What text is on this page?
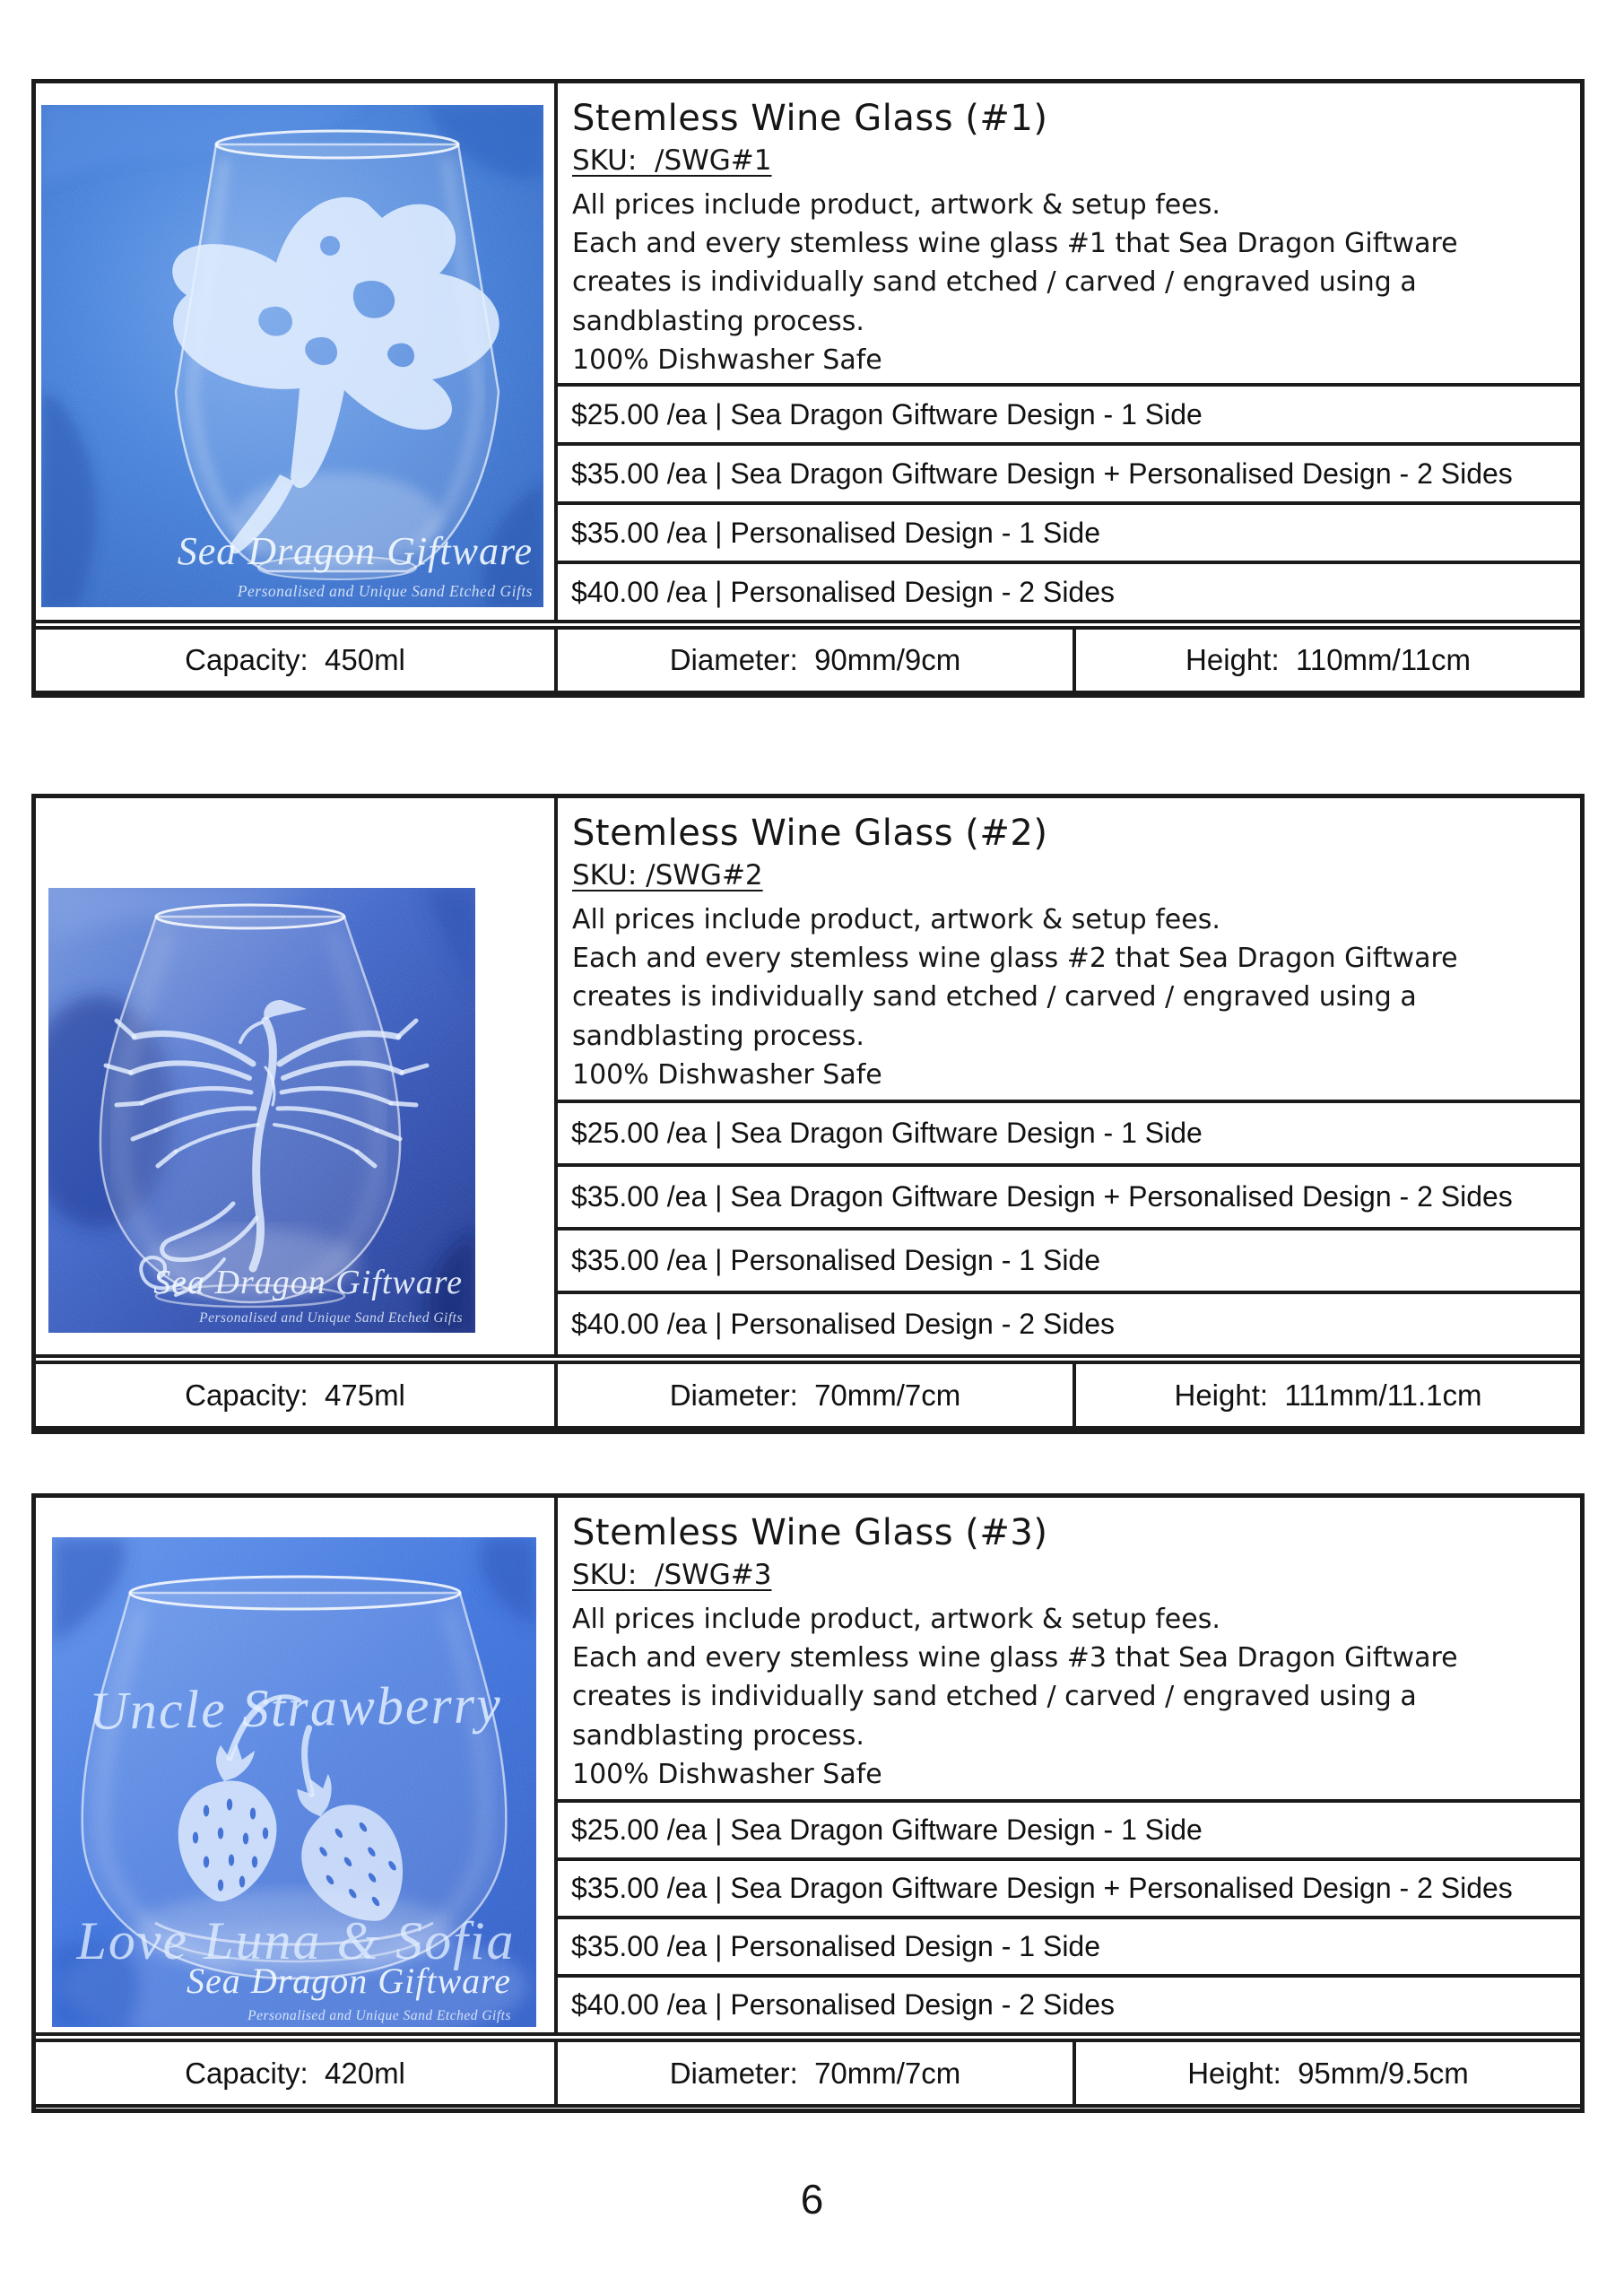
Sea Dragon Giftware
Personalised and Unique Sand Etched Gifts
Stemless Wine Glass (#1)
SKU:  /SWG#1

All prices include product, artwork & setup fees.

Each and every stemless wine glass #1 that Sea Dragon Giftware creates is individually sand etched / carved / engraved using a sandblasting process.

100% Dishwasher Safe

$25.00 /ea | Sea Dragon Giftware Design - 1 Side
$35.00 /ea | Sea Dragon Giftware Design + Personalised Design - 2 Sides
$35.00 /ea | Personalised Design - 1 Side
$40.00 /ea | Personalised Design - 2 Sides
Capacity:  450ml	Diameter:  90mm/9cm	Height:  110mm/11cm
Sea Dragon Giftware
Personalised and Unique Sand Etched Gifts
Stemless Wine Glass (#2)
SKU: /SWG#2

All prices include product, artwork & setup fees.

Each and every stemless wine glass #2 that Sea Dragon Giftware creates is individually sand etched / carved / engraved using a sandblasting process.

100% Dishwasher Safe

$25.00 /ea | Sea Dragon Giftware Design - 1 Side
$35.00 /ea | Sea Dragon Giftware Design + Personalised Design - 2 Sides
$35.00 /ea | Personalised Design - 1 Side
$40.00 /ea | Personalised Design - 2 Sides
Capacity:  475ml	Diameter:  70mm/7cm	Height:  111mm/11.1cm
Uncle Strawberry
Love Luna & Sofia
Sea Dragon Giftware
Personalised and Unique Sand Etched Gifts
Stemless Wine Glass (#3)
SKU:  /SWG#3

All prices include product, artwork & setup fees.

Each and every stemless wine glass #3 that Sea Dragon Giftware creates is individually sand etched / carved / engraved using a sandblasting process.

100% Dishwasher Safe

$25.00 /ea | Sea Dragon Giftware Design - 1 Side
$35.00 /ea | Sea Dragon Giftware Design + Personalised Design - 2 Sides
$35.00 /ea | Personalised Design - 1 Side
$40.00 /ea | Personalised Design - 2 Sides
Capacity:  420ml	Diameter:  70mm/7cm	Height:  95mm/9.5cm
6
